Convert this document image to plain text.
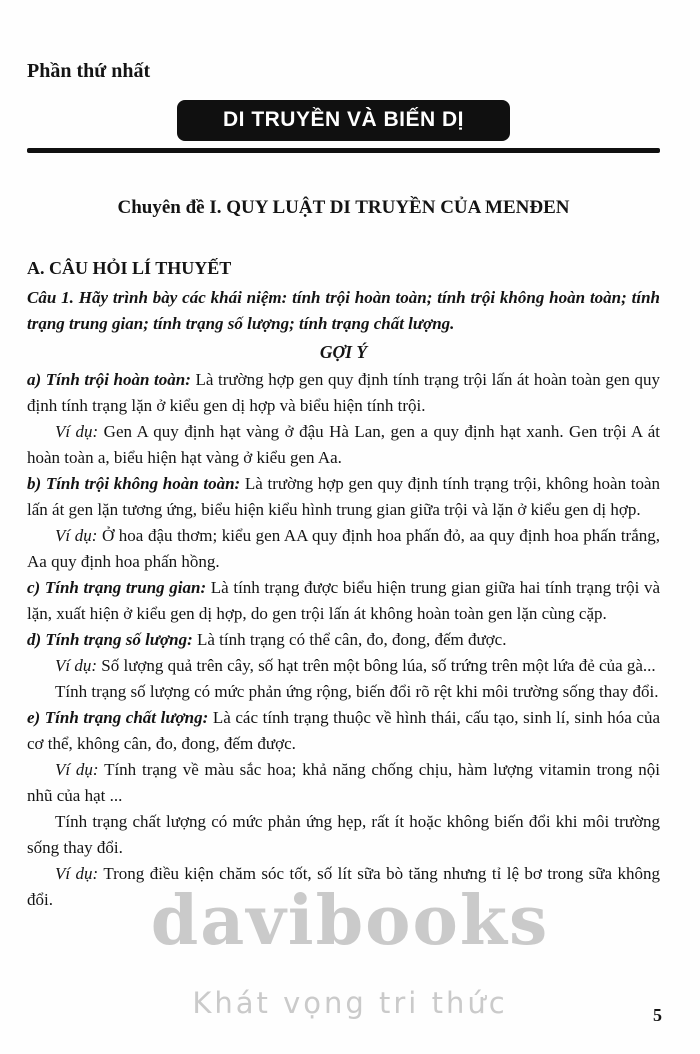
Phần thứ nhất
DI TRUYỀN VÀ BIẾN DỊ
Chuyên đề I. QUY LUẬT DI TRUYỀN CỦA MENĐEN
A. CÂU HỎI LÍ THUYẾT

Câu 1. Hãy trình bày các khái niệm: tính trội hoàn toàn; tính trội không hoàn toàn; tính trạng trung gian; tính trạng số lượng; tính trạng chất lượng.

GỢI Ý

a) Tính trội hoàn toàn: Là trường hợp gen quy định tính trạng trội lấn át hoàn toàn gen quy định tính trạng lặn ở kiểu gen dị hợp và biểu hiện tính trội.

Ví dụ: Gen A quy định hạt vàng ở đậu Hà Lan, gen a quy định hạt xanh. Gen trội A át hoàn toàn a, biểu hiện hạt vàng ở kiểu gen Aa.

b) Tính trội không hoàn toàn: Là trường hợp gen quy định tính trạng trội, không hoàn toàn lấn át gen lặn tương ứng, biểu hiện kiểu hình trung gian giữa trội và lặn ở kiểu gen dị hợp.

Ví dụ: Ở hoa đậu thơm; kiểu gen AA quy định hoa phấn đỏ, aa quy định hoa phấn trắng, Aa quy định hoa phấn hồng.

c) Tính trạng trung gian: Là tính trạng được biểu hiện trung gian giữa hai tính trạng trội và lặn, xuất hiện ở kiểu gen dị hợp, do gen trội lấn át không hoàn toàn gen lặn cùng cặp.

d) Tính trạng số lượng: Là tính trạng có thể cân, đo, đong, đếm được.

Ví dụ: Số lượng quả trên cây, số hạt trên một bông lúa, số trứng trên một lứa đẻ của gà...

Tính trạng số lượng có mức phản ứng rộng, biến đổi rõ rệt khi môi trường sống thay đổi.

e) Tính trạng chất lượng: Là các tính trạng thuộc về hình thái, cấu tạo, sinh lí, sinh hóa của cơ thể, không cân, đo, đong, đếm được.

Ví dụ: Tính trạng về màu sắc hoa; khả năng chống chịu, hàm lượng vitamin trong nội nhũ của hạt ...

Tính trạng chất lượng có mức phản ứng hẹp, rất ít hoặc không biến đổi khi môi trường sống thay đổi.

Ví dụ: Trong điều kiện chăm sóc tốt, số lít sữa bò tăng nhưng tỉ lệ bơ trong sữa không đổi.	davibooks
Khát vọng tri thức	5
